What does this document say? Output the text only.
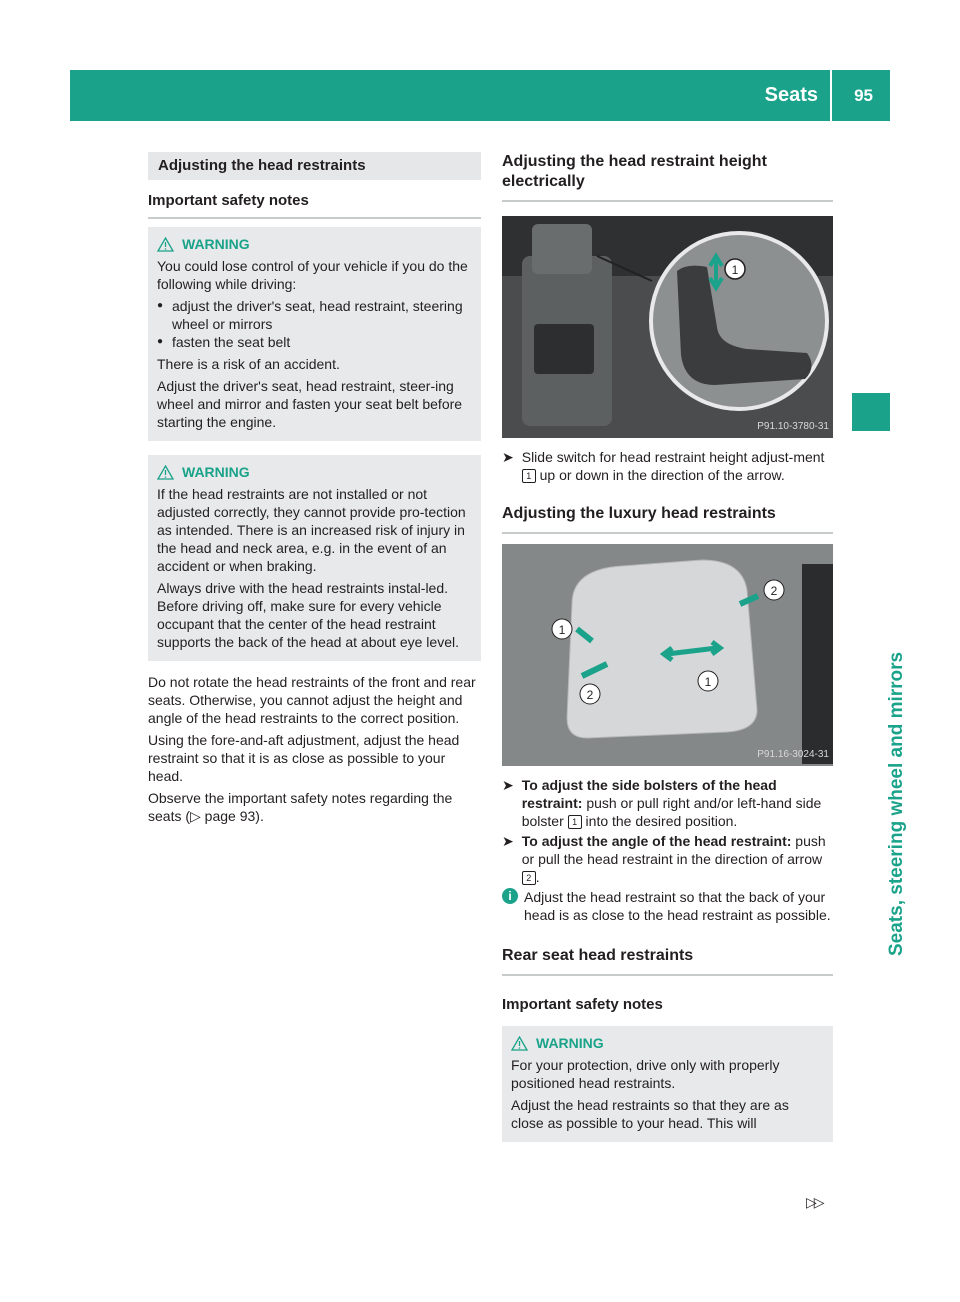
Seats 95
Seats, steering wheel and mirrors
Adjusting the head restraints
Important safety notes
WARNING

You could lose control of your vehicle if you do the following while driving:

● adjust the driver's seat, head restraint, steering wheel or mirrors
● fasten the seat belt

There is a risk of an accident.

Adjust the driver's seat, head restraint, steer-ing wheel and mirror and fasten your seat belt before starting the engine.

WARNING

If the head restraints are not installed or not adjusted correctly, they cannot provide pro-tection as intended. There is an increased risk of injury in the head and neck area, e.g. in the event of an accident or when braking.

Always drive with the head restraints instal-led. Before driving off, make sure for every vehicle occupant that the center of the head restraint supports the back of the head at about eye level.

Do not rotate the head restraints of the front and rear seats. Otherwise, you cannot adjust the height and angle of the head restraints to the correct position.

Using the fore-and-aft adjustment, adjust the head restraint so that it is as close as possible to your head.

Observe the important safety notes regarding the seats (▷ page 93).

Adjusting the head restraint height electrically
1
P91.10-3780-31
➤ Slide switch for head restraint height adjust-ment 1 up or down in the direction of the arrow.
Adjusting the luxury head restraints
1
2
1
2
P91.16-3024-31
➤ To adjust the side bolsters of the head restraint: push or pull right and/or left-hand side bolster 1 into the desired position.
➤ To adjust the angle of the head restraint: push or pull the head restraint in the direction of arrow 2 .
i Adjust the head restraint so that the back of your head is as close to the head restraint as possible.
Rear seat head restraints
Important safety notes
WARNING

For your protection, drive only with properly positioned head restraints.

Adjust the head restraints so that they are as close as possible to your head. This will

▷▷
